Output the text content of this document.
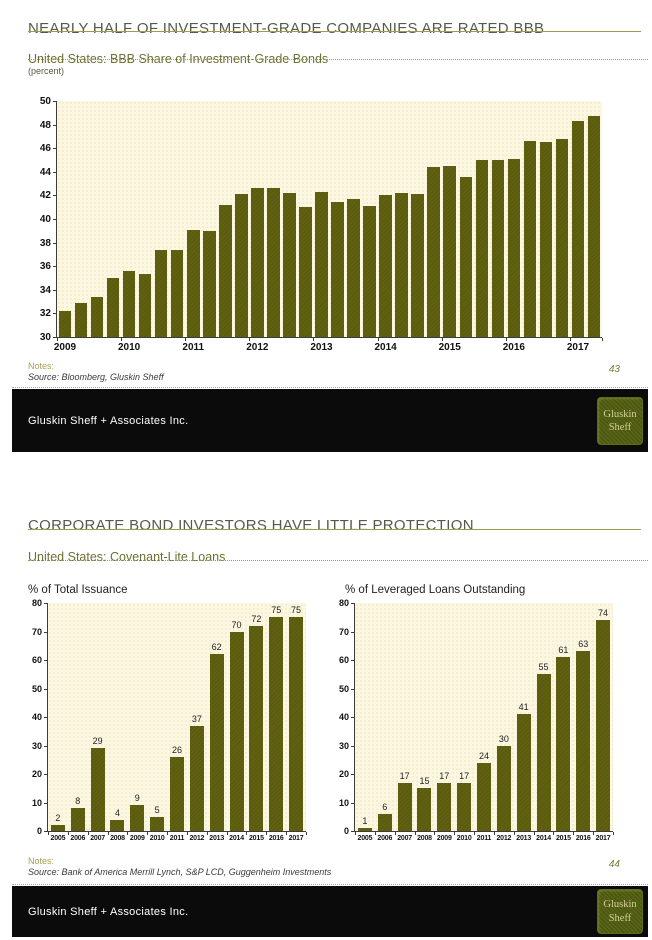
NEARLY HALF OF INVESTMENT-GRADE COMPANIES ARE RATED BBB
United States: BBB Share of Investment-Grade Bonds
(percent)
50
48
46
44
42
40
38
36
34
32
30
2009	2010	2011	2012	2013	2014	2015	2016	2017
Notes:
Source: Bloomberg, Gluskin Sheff
43
Gluskin Sheff + Associates Inc.
Gluskin
Sheff
CORPORATE BOND INVESTORS HAVE LITTLE PROTECTION
United States: Covenant-Lite Loans
% of Total Issuance	% of Leveraged Loans Outstanding
80
70
60
50
40
30
20
10
0
2
8
29
4
9
5
26
37
62
70
72
75 75
2005 2006 2007 2008 2009 2010 2011 2012 2013 2014 2015 2016 2017
80
70
60
50
40
30
20
10
0
1
6
17
15
17 17
24
30
41
55
61
63
74
2005 2006 2007 2008 2009 2010 2011 2012 2013 2014 2015 2016 2017
Notes:
Source: Bank of America Merrill Lynch, S&P LCD, Guggenheim Investments
44
Gluskin Sheff + Associates Inc.
Gluskin
Sheff
